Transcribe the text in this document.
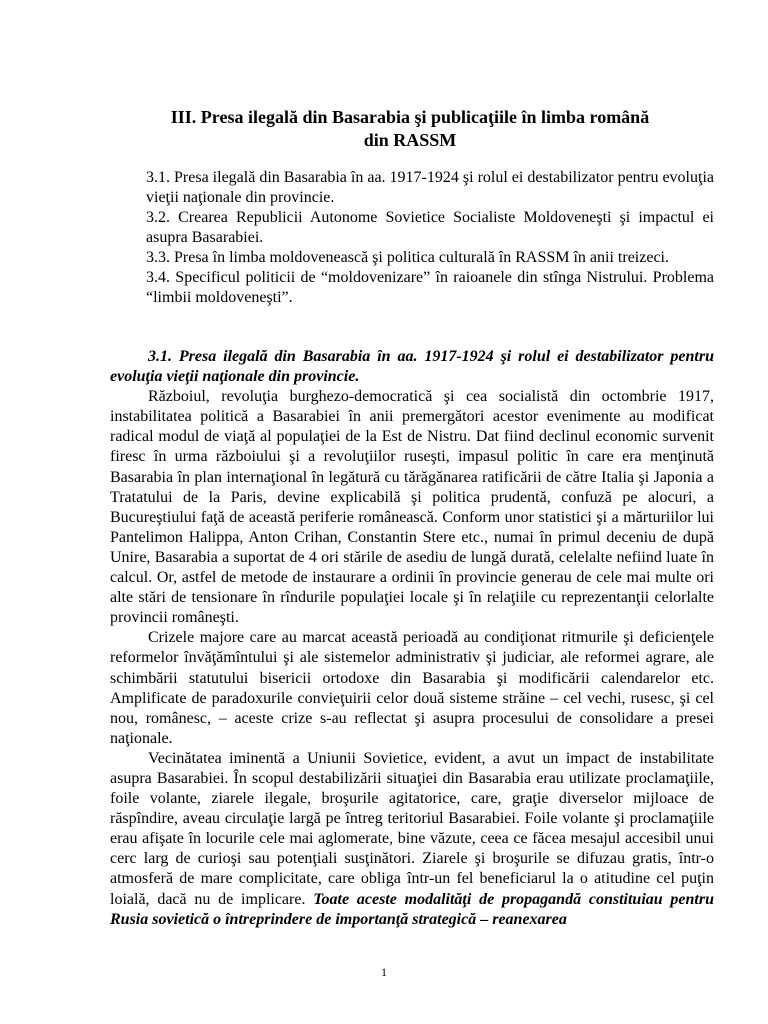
III. Presa ilegală din Basarabia şi publicaţiile în limba română
din RASSM

3.1. Presa ilegală din Basarabia în aa. 1917-1924 şi rolul ei destabilizator pentru evoluţia vieţii naţionale din provincie.

3.2. Crearea Republicii Autonome Sovietice Socialiste Moldoveneşti şi impactul ei asupra Basarabiei.

3.3. Presa în limba moldovenească şi politica culturală în RASSM în anii treizeci.

3.4. Specificul politicii de “moldovenizare” în raioanele din stînga Nistrului. Problema “limbii moldoveneşti”.

3.1. Presa ilegală din Basarabia în aa. 1917-1924 şi rolul ei destabilizator pentru evoluţia vieţii naţionale din provincie.

Războiul, revoluţia burghezo-democratică şi cea socialistă din octombrie 1917, instabilitatea politică a Basarabiei în anii premergători acestor evenimente au modificat radical modul de viaţă al populaţiei de la Est de Nistru. Dat fiind declinul economic survenit firesc în urma războiului şi a revoluţiilor ruseşti, impasul politic în care era menţinută Basarabia în plan internaţional în legătură cu tărăgănarea ratificării de către Italia şi Japonia a Tratatului de la Paris, devine explicabilă şi politica prudentă, confuză pe alocuri, a Bucureştiului faţă de această periferie românească. Conform unor statistici şi a mărturiilor lui Pantelimon Halippa, Anton Crihan, Constantin Stere etc., numai în primul deceniu de după Unire, Basarabia a suportat de 4 ori stările de asediu de lungă durată, celelalte nefiind luate în calcul. Or, astfel de metode de instaurare a ordinii în provincie generau de cele mai multe ori alte stări de tensionare în rîndurile populaţiei locale şi în relaţiile cu reprezentanţii celorlalte provincii româneşti.

Crizele majore care au marcat această perioadă au condiţionat ritmurile şi deficienţele reformelor învăţămîntului şi ale sistemelor administrativ şi judiciar, ale reformei agrare, ale schimbării statutului bisericii ortodoxe din Basarabia şi modificării calendarelor etc. Amplificate de paradoxurile convieţuirii celor două sisteme străine – cel vechi, rusesc, şi cel nou, românesc, – aceste crize s-au reflectat şi asupra procesului de consolidare a presei naţionale.

Vecinătatea iminentă a Uniunii Sovietice, evident, a avut un impact de instabilitate asupra Basarabiei. În scopul destabilizării situaţiei din Basarabia erau utilizate proclamaţiile, foile volante, ziarele ilegale, broşurile agitatorice, care, graţie diverselor mijloace de răspîndire, aveau circulaţie largă pe întreg teritoriul Basarabiei. Foile volante şi proclamaţiile erau afişate în locurile cele mai aglomerate, bine văzute, ceea ce făcea mesajul accesibil unui cerc larg de curioşi sau potenţiali susţinători. Ziarele şi broşurile se difuzau gratis, într-o atmosferă de mare complicitate, care obliga într-un fel beneficiarul la o atitudine cel puţin loială, dacă nu de implicare. Toate aceste modalităţi de propagandă constituiau pentru Rusia sovietică o întreprindere de importanţă strategică – reanexarea

1
